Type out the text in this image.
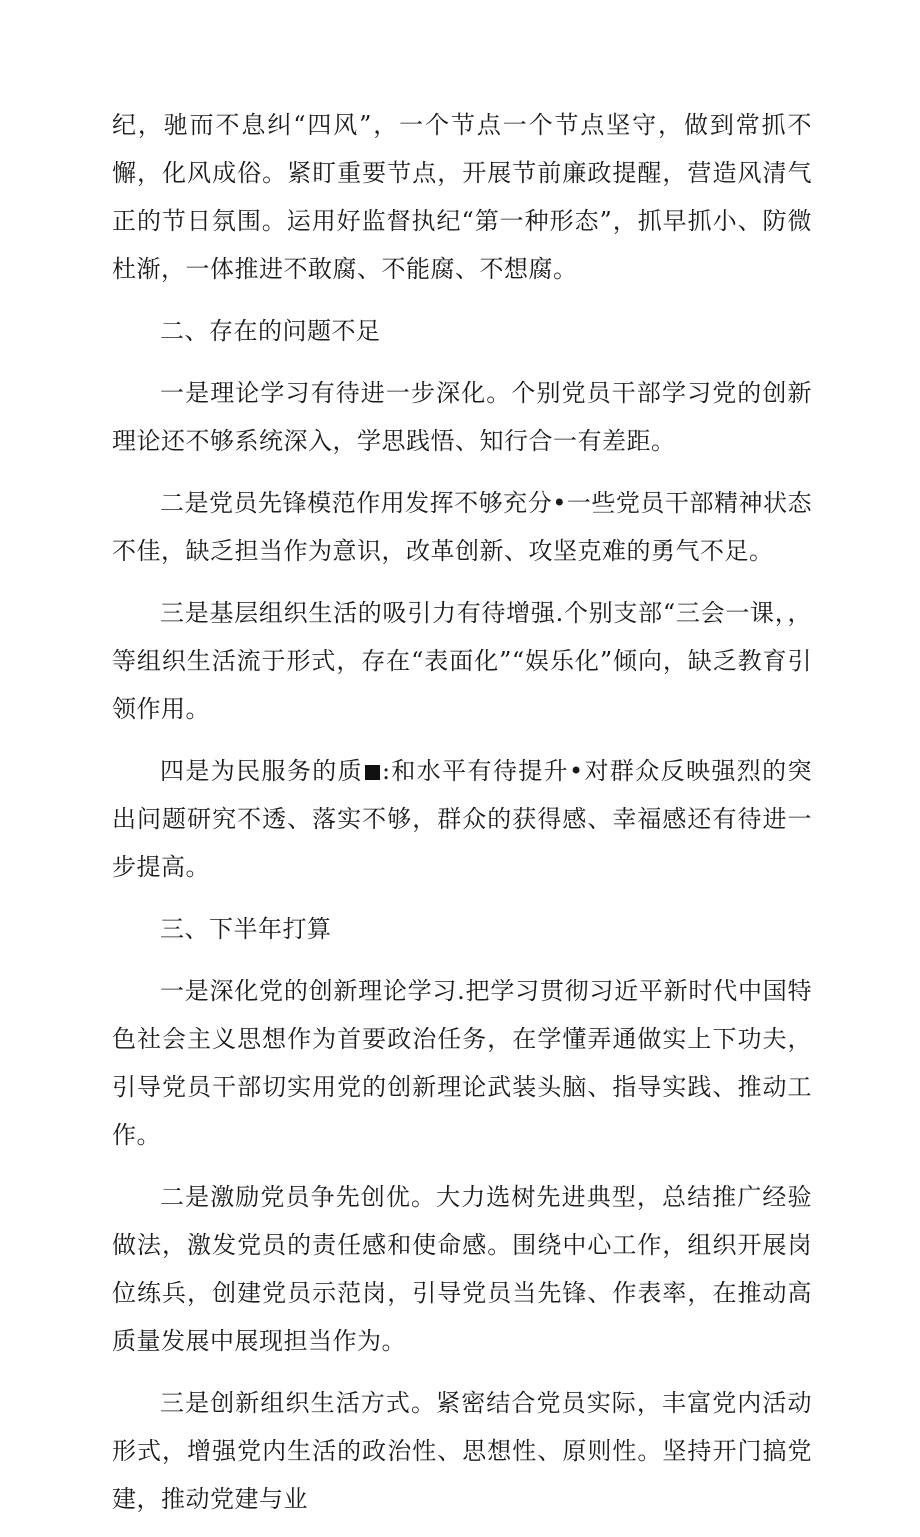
纪，驰而不息纠“四风”，一个节点一个节点坚守，做到常抓不懈，化风成俗。紧盯重要节点，开展节前廉政提醒，营造风清气正的节日氛围。运用好监督执纪“第一种形态”，抓早抓小、防微杜渐，一体推进不敢腐、不能腐、不想腐。

二、存在的问题不足

一是理论学习有待进一步深化。个别党员干部学习党的创新理论还不够系统深入，学思践悟、知行合一有差距。

二是党员先锋模范作用发挥不够充分•一些党员干部精神状态不佳，缺乏担当作为意识，改革创新、攻坚克难的勇气不足。

三是基层组织生活的吸引力有待增强.个别支部“三会一课，，等组织生活流于形式，存在“表面化”“娱乐化”倾向，缺乏教育引领作用。

四是为民服务的质 :和水平有待提升•对群众反映强烈的突出问题研究不透、落实不够，群众的获得感、幸福感还有待进一步提高。

三、下半年打算

一是深化党的创新理论学习.把学习贯彻习近平新时代中国特色社会主义思想作为首要政治任务，在学懂弄通做实上下功夫，引导党员干部切实用党的创新理论武装头脑、指导实践、推动工作。

二是激励党员争先创优。大力选树先进典型，总结推广经验做法，激发党员的责任感和使命感。围绕中心工作，组织开展岗位练兵，创建党员示范岗，引导党员当先锋、作表率，在推动高质量发展中展现担当作为。

三是创新组织生活方式。紧密结合党员实际，丰富党内活动形式，增强党内生活的政治性、思想性、原则性。坚持开门搞党建，推动党建与业
